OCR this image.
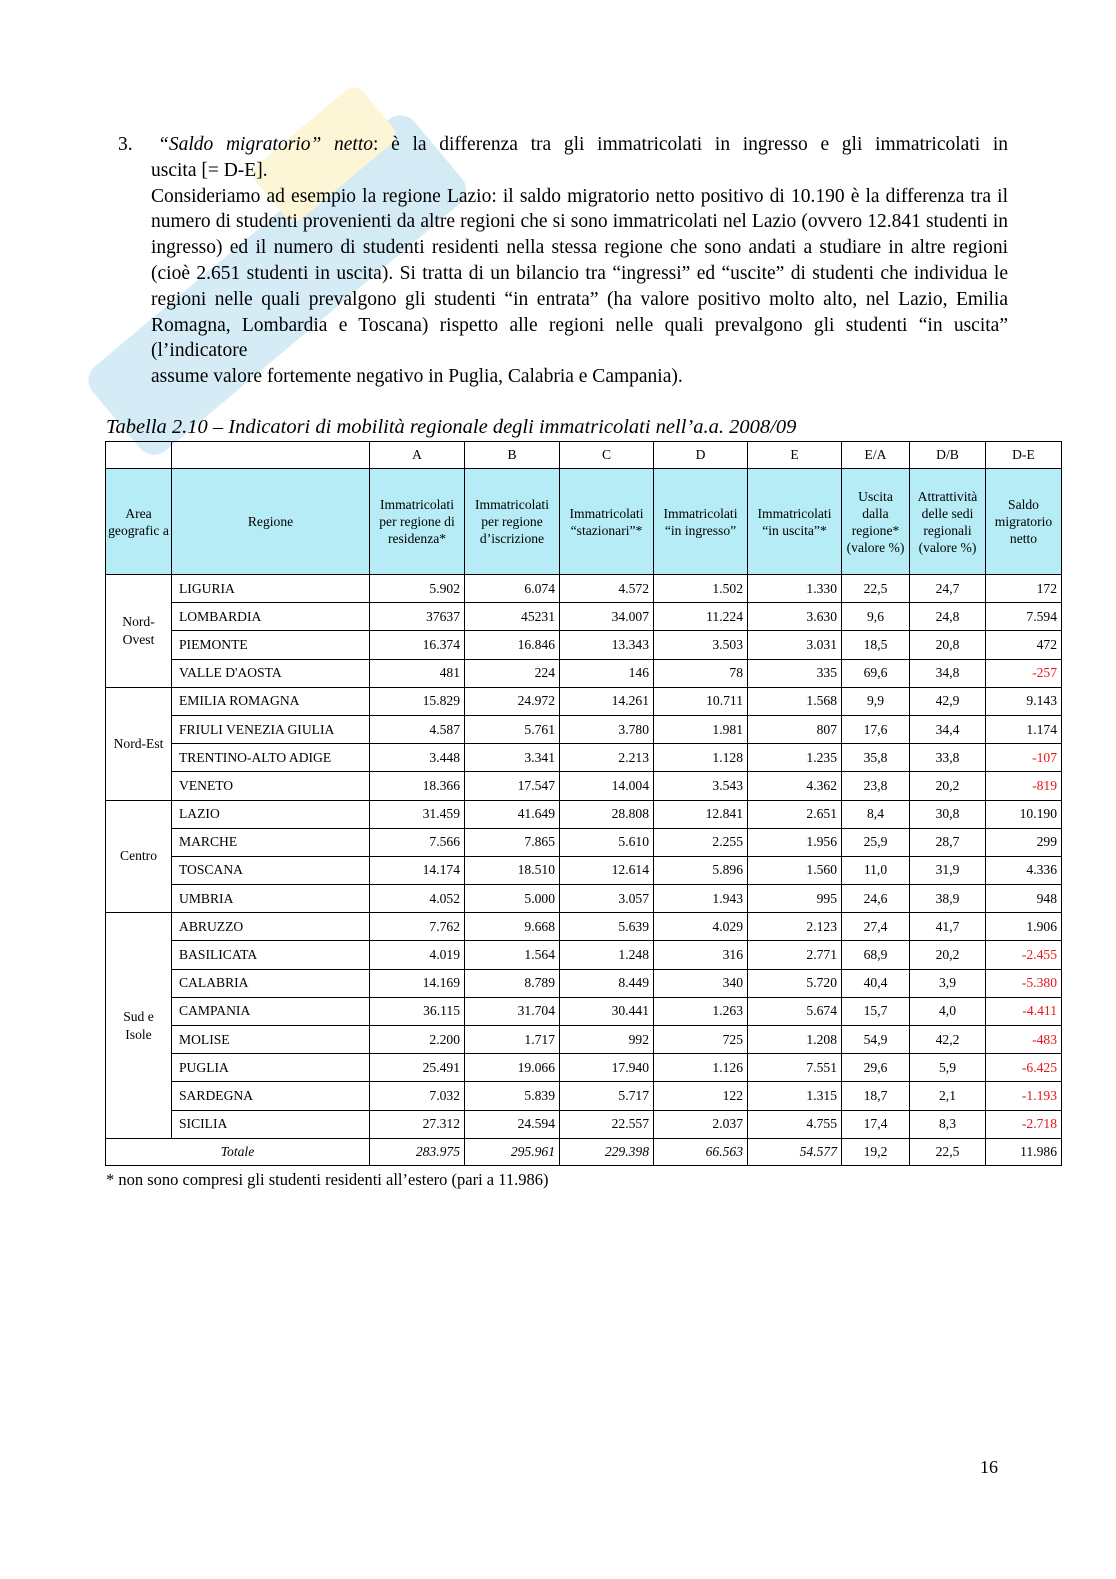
3.	“Saldo migratorio” netto: è la differenza tra gli immatricolati in ingresso e gli immatricolati in
uscita [= D-E].
Consideriamo ad esempio la regione Lazio: il saldo migratorio netto positivo di 10.190 è la differenza tra il numero di studenti provenienti da altre regioni che si sono immatricolati nel Lazio (ovvero 12.841 studenti in ingresso) ed il numero di studenti residenti nella stessa regione che sono andati a studiare in altre regioni (cioè 2.651 studenti in uscita). Si tratta di un bilancio tra “ingressi” ed “uscite” di studenti che individua le regioni nelle quali prevalgono gli studenti “in entrata” (ha valore positivo molto alto, nel Lazio, Emilia Romagna, Lombardia e Toscana) rispetto alle regioni nelle quali prevalgono gli studenti “in uscita” (l’indicatore
assume valore fortemente negativo in Puglia, Calabria e Campania).
Tabella 2.10 – Indicatori di mobilità regionale degli immatricolati nell’a.a. 2008/09
		A	B	C	D	E	E/A	D/B	D-E
Area geografic a	Regione	Immatricolati per regione di residenza*	Immatricolati per regione d’iscrizione	Immatricolati “stazionari”*	Immatricolati “in ingresso”	Immatricolati “in uscita”*	Uscita dalla regione* (valore %)	Attrattività delle sedi regionali (valore %)	Saldo migratorio netto
Nord- Ovest	LIGURIA	5.902	6.074	4.572	1.502	1.330	22,5	24,7	172
	LOMBARDIA	37637	45231	34.007	11.224	3.630	9,6	24,8	7.594
	PIEMONTE	16.374	16.846	13.343	3.503	3.031	18,5	20,8	472
	VALLE D'AOSTA	481	224	146	78	335	69,6	34,8	-257
Nord-Est	EMILIA ROMAGNA	15.829	24.972	14.261	10.711	1.568	9,9	42,9	9.143
	FRIULI VENEZIA GIULIA	4.587	5.761	3.780	1.981	807	17,6	34,4	1.174
	TRENTINO-ALTO ADIGE	3.448	3.341	2.213	1.128	1.235	35,8	33,8	-107
	VENETO	18.366	17.547	14.004	3.543	4.362	23,8	20,2	-819
Centro	LAZIO	31.459	41.649	28.808	12.841	2.651	8,4	30,8	10.190
	MARCHE	7.566	7.865	5.610	2.255	1.956	25,9	28,7	299
	TOSCANA	14.174	18.510	12.614	5.896	1.560	11,0	31,9	4.336
	UMBRIA	4.052	5.000	3.057	1.943	995	24,6	38,9	948
Sud e Isole	ABRUZZO	7.762	9.668	5.639	4.029	2.123	27,4	41,7	1.906
	BASILICATA	4.019	1.564	1.248	316	2.771	68,9	20,2	-2.455
	CALABRIA	14.169	8.789	8.449	340	5.720	40,4	3,9	-5.380
	CAMPANIA	36.115	31.704	30.441	1.263	5.674	15,7	4,0	-4.411
	MOLISE	2.200	1.717	992	725	1.208	54,9	42,2	-483
	PUGLIA	25.491	19.066	17.940	1.126	7.551	29,6	5,9	-6.425
	SARDEGNA	7.032	5.839	5.717	122	1.315	18,7	2,1	-1.193
	SICILIA	27.312	24.594	22.557	2.037	4.755	17,4	8,3	-2.718
Totale		283.975	295.961	229.398	66.563	54.577	19,2	22,5	11.986
* non sono compresi gli studenti residenti all’estero (pari a 11.986)
16
